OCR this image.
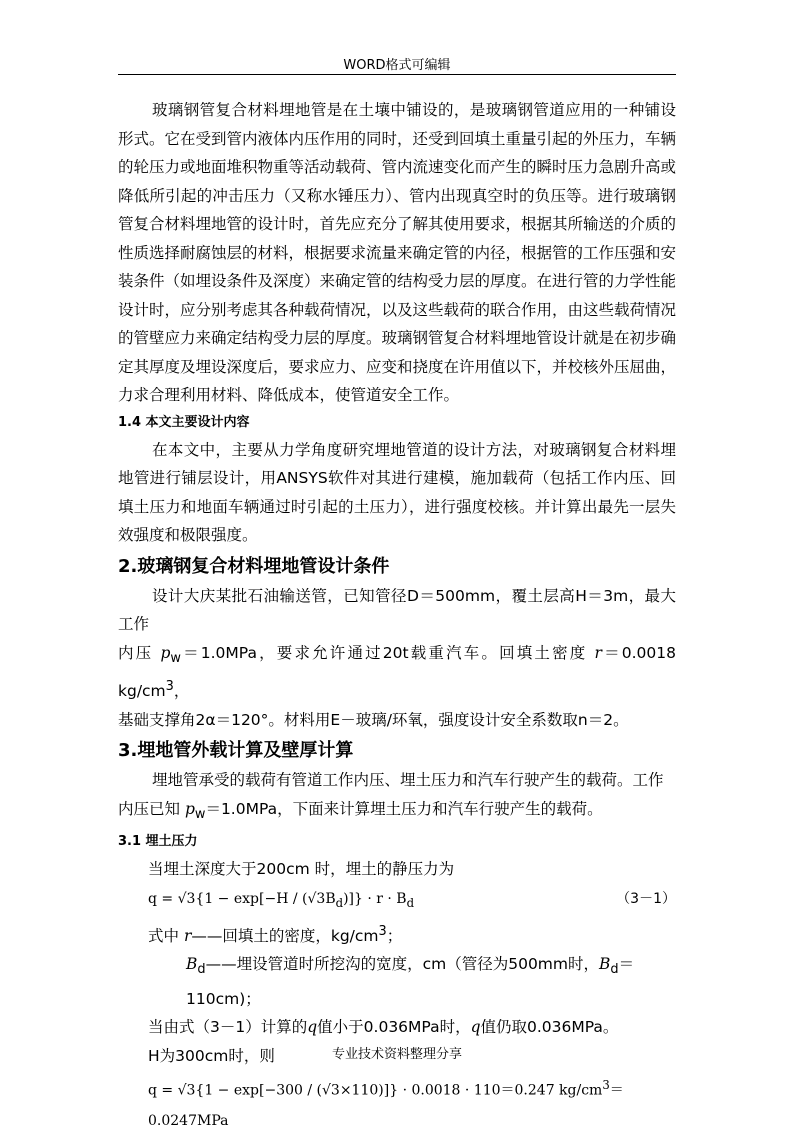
WORD格式可编辑

玻璃钢管复合材料埋地管是在土壤中铺设的，是玻璃钢管道应用的一种铺设形式。它在受到管内液体内压作用的同时，还受到回填土重量引起的外压力，车辆的轮压力或地面堆积物重等活动载荷、管内流速变化而产生的瞬时压力急剧升高或降低所引起的冲击压力（又称水锤压力）、管内出现真空时的负压等。进行玻璃钢管复合材料埋地管的设计时，首先应充分了解其使用要求，根据其所输送的介质的性质选择耐腐蚀层的材料，根据要求流量来确定管的内径，根据管的工作压强和安装条件（如埋设条件及深度）来确定管的结构受力层的厚度。在进行管的力学性能设计时，应分别考虑其各种载荷情况，以及这些载荷的联合作用，由这些载荷情况的管壁应力来确定结构受力层的厚度。玻璃钢管复合材料埋地管设计就是在初步确定其厚度及埋设深度后，要求应力、应变和挠度在许用值以下，并校核外压屈曲，力求合理利用材料、降低成本，使管道安全工作。

1.4 本文主要设计内容

在本文中，主要从力学角度研究埋地管道的设计方法，对玻璃钢复合材料埋地管进行铺层设计，用ANSYS软件对其进行建模，施加载荷（包括工作内压、回填土压力和地面车辆通过时引起的土压力），进行强度校核。并计算出最先一层失效强度和极限强度。

2.玻璃钢复合材料埋地管设计条件

设计大庆某批石油输送管，已知管径D＝500mm，覆土层高H＝3m，最大工作

内压 $p_w=1.0MPa$，要求允许通过20t载重汽车。回填土密度 r＝0.0018 $kg/cm^3$，

基础支撑角2α＝120°。材料用E－玻璃/环氧，强度设计安全系数取n＝2。

3.埋地管外载计算及壁厚计算

埋地管承受的载荷有管道工作内压、埋土压力和汽车行驶产生的载荷。工作

内压已知 $p_w=1.0MPa$，下面来计算埋土压力和汽车行驶产生的载荷。

3.1 埋土压力

当埋土深度大于200cm 时，埋土的静压力为

$q = √3\{1 - \exp[-H / (√3B_d)]\} \cdot r \cdot B_d$	（3－1）

式中 r——回填土的密度，$kg/cm^3$；

$B_d——$埋设管道时所挖沟的宽度，cm（管径为500mm时，$B_d=110cm$)；

当由式（3－1）计算的q值小于0.036MPa时，q值仍取0.036MPa。

H为300cm时，则

q = √3{1 − exp[−300 / (√3×110)]} · 0.0018 · 110＝0.247 $kg/cm^3=0.0247MPa$

专业技术资料整理分享
